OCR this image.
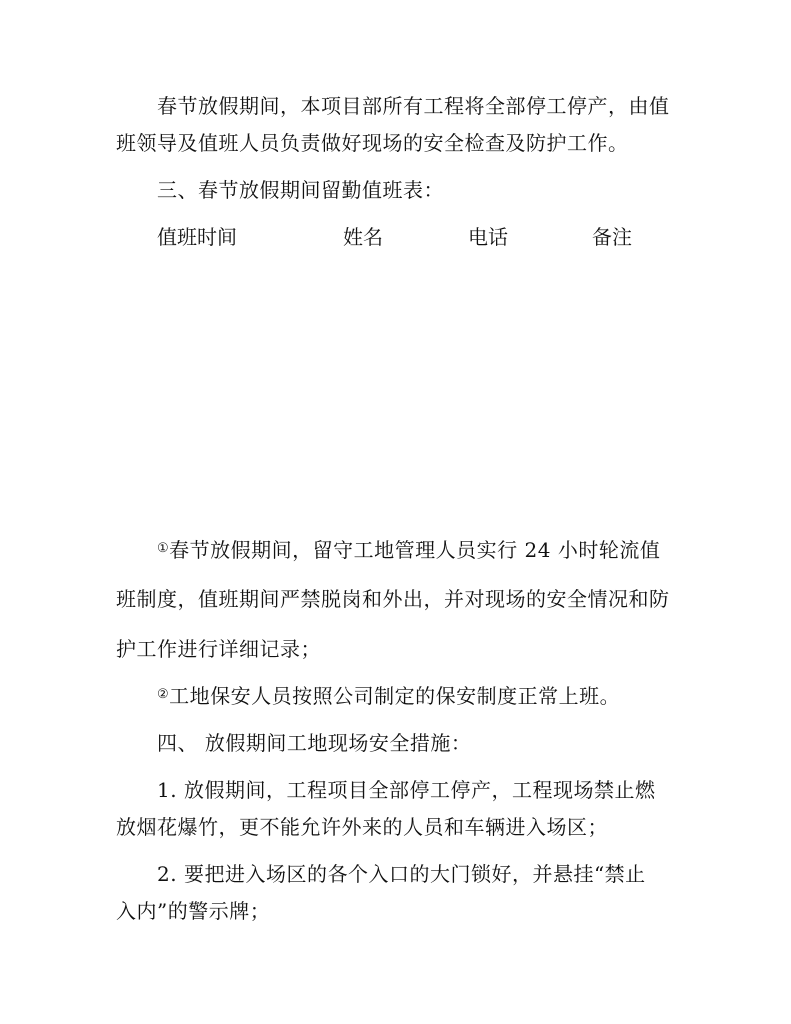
春节放假期间，本项目部所有工程将全部停工停产，由值
班领导及值班人员负责做好现场的安全检查及防护工作。
三、春节放假期间留勤值班表：
值班时间	姓名	电话	备注
①春节放假期间，留守工地管理人员实行 24 小时轮流值
班制度，值班期间严禁脱岗和外出，并对现场的安全情况和防
护工作进行详细记录；
②工地保安人员按照公司制定的保安制度正常上班。
四、 放假期间工地现场安全措施：
1. 放假期间，工程项目全部停工停产，工程现场禁止燃
放烟花爆竹，更不能允许外来的人员和车辆进入场区；
2. 要把进入场区的各个入口的大门锁好，并悬挂“禁止
入内”的警示牌；
